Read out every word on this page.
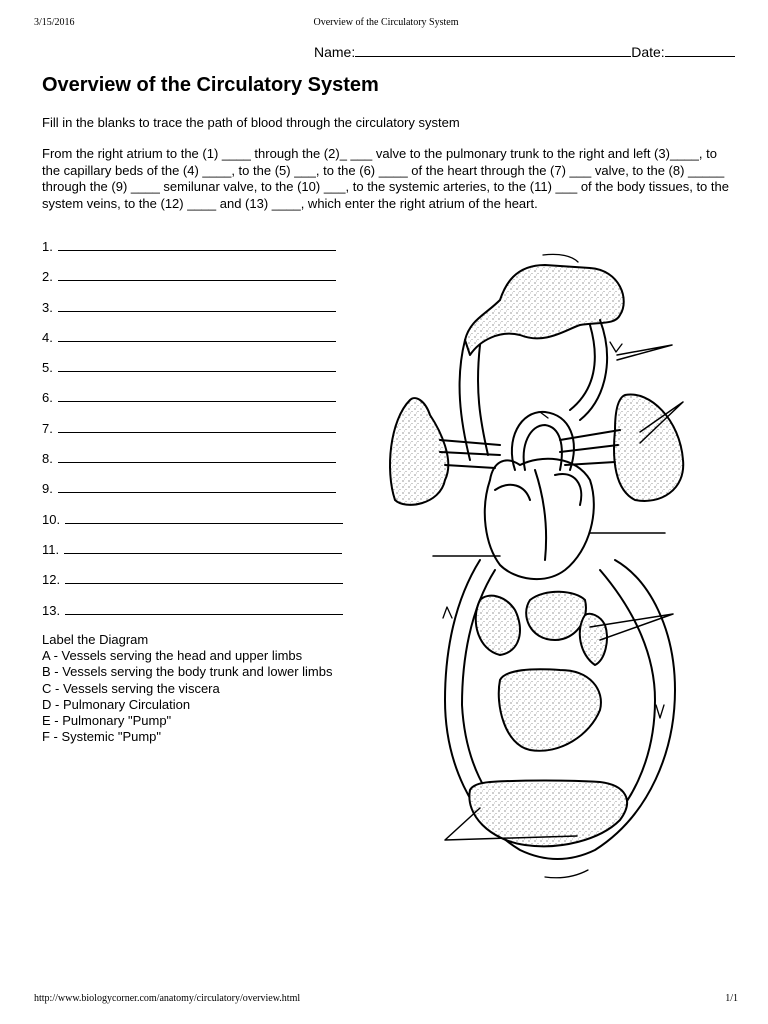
3/15/2016	Overview of the Circulatory System
Name:	Date:
Overview of the Circulatory System

Fill in the blanks to trace the path of blood through the circulatory system

From the right atrium to the (1) ____ through the (2)_ ___ valve to the pulmonary trunk to the right and left (3)____, to the capillary beds of the (4) ____, to the (5) ___, to the (6) ____ of the heart through the (7) ___ valve, to the (8) _____ through the (9) ____ semilunar valve, to the (10) ___, to the systemic arteries, to the (11) ___ of the body tissues, to the system veins, to the (12) ____ and (13) ____, which enter the right atrium of the heart.

1.
2.
3.
4.
5.
6.
7.
8.
9.
10.
11.
12.
13.
Label the Diagram
A - Vessels serving the head and upper limbs
B - Vessels serving the body trunk and lower limbs
C - Vessels serving the viscera
D - Pulmonary Circulation
E - Pulmonary "Pump"
F - Systemic "Pump"
http://www.biologycorner.com/anatomy/circulatory/overview.html	1/1
